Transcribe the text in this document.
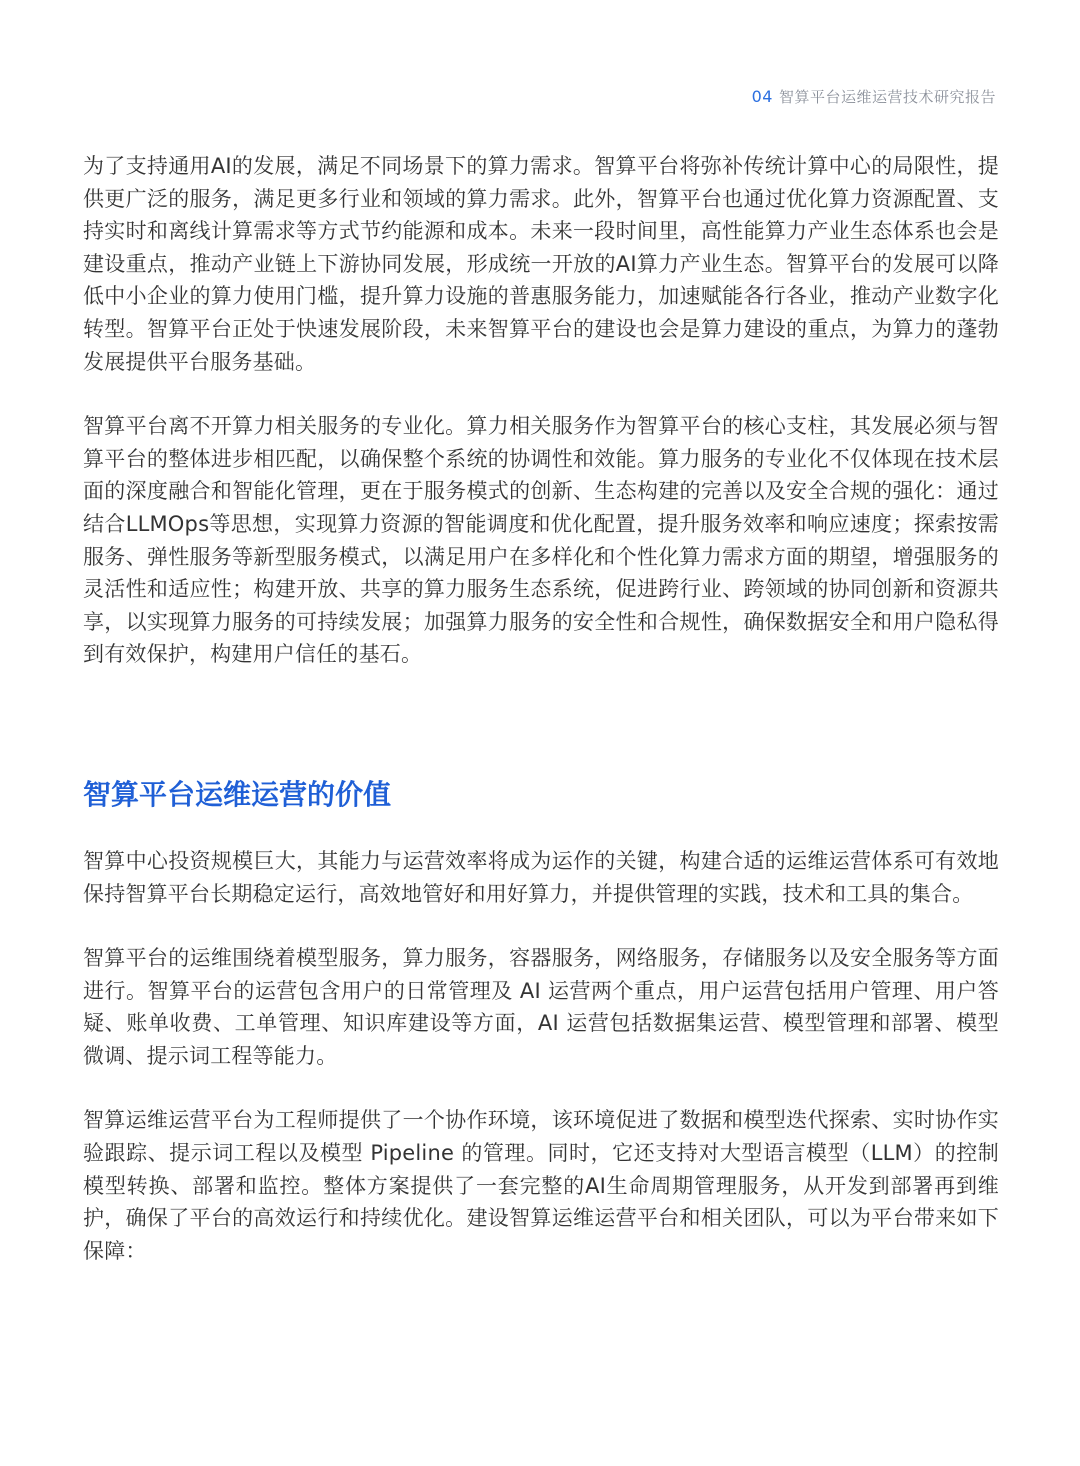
04 智算平台运维运营技术研究报告

为了支持通用AI的发展，满足不同场景下的算力需求。智算平台将弥补传统计算中心的局限性，提供更广泛的服务，满足更多行业和领域的算力需求。此外，智算平台也通过优化算力资源配置、支持实时和离线计算需求等方式节约能源和成本。未来一段时间里，高性能算力产业生态体系也会是建设重点，推动产业链上下游协同发展，形成统一开放的AI算力产业生态。智算平台的发展可以降低中小企业的算力使用门槛，提升算力设施的普惠服务能力，加速赋能各行各业，推动产业数字化转型。智算平台正处于快速发展阶段，未来智算平台的建设也会是算力建设的重点，为算力的蓬勃发展提供平台服务基础。

智算平台离不开算力相关服务的专业化。算力相关服务作为智算平台的核心支柱，其发展必须与智算平台的整体进步相匹配，以确保整个系统的协调性和效能。算力服务的专业化不仅体现在技术层面的深度融合和智能化管理，更在于服务模式的创新、生态构建的完善以及安全合规的强化：通过结合LLMOps等思想，实现算力资源的智能调度和优化配置，提升服务效率和响应速度；探索按需服务、弹性服务等新型服务模式，以满足用户在多样化和个性化算力需求方面的期望，增强服务的灵活性和适应性；构建开放、共享的算力服务生态系统，促进跨行业、跨领域的协同创新和资源共享，以实现算力服务的可持续发展；加强算力服务的安全性和合规性，确保数据安全和用户隐私得到有效保护，构建用户信任的基石。

智算平台运维运营的价值

智算中心投资规模巨大，其能力与运营效率将成为运作的关键，构建合适的运维运营体系可有效地保持智算平台长期稳定运行，高效地管好和用好算力，并提供管理的实践，技术和工具的集合。

智算平台的运维围绕着模型服务，算力服务，容器服务，网络服务，存储服务以及安全服务等方面进行。智算平台的运营包含用户的日常管理及 AI 运营两个重点，用户运营包括用户管理、用户答疑、账单收费、工单管理、知识库建设等方面，AI 运营包括数据集运营、模型管理和部署、模型微调、提示词工程等能力。

智算运维运营平台为工程师提供了一个协作环境，该环境促进了数据和模型迭代探索、实时协作实验跟踪、提示词工程以及模型 Pipeline 的管理。同时，它还支持对大型语言模型（LLM）的控制模型转换、部署和监控。整体方案提供了一套完整的AI生命周期管理服务，从开发到部署再到维护，确保了平台的高效运行和持续优化。建设智算运维运营平台和相关团队，可以为平台带来如下保障：
